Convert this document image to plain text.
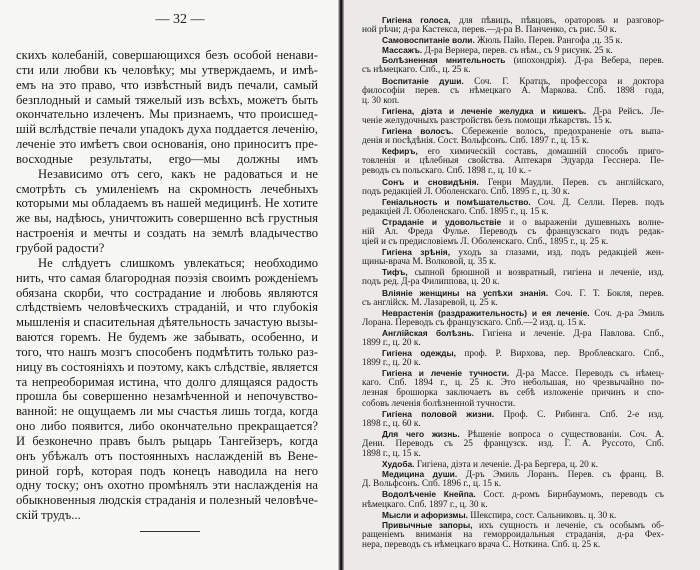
— 32 —
скихъ колебаній, совершающихся безъ особой ненави-
сти или любви къ человѣку; мы утверждаемъ, и имѣ-
емъ на это право, что извѣстный видъ печали, самый
безплодный и самый тяжелый изъ всѣхъ, можетъ быть
окончательно излеченъ. Мы признаемъ, что происшед-
шій вслѣдствіе печали упадокъ духа поддается леченію,
леченіе это имѣетъ свои основанія, оно приноситъ пре-
восходные результаты, ergo—мы должны имъ
Независимо отъ сего, какъ не радоваться и не
смотрѣть съ умиленіемъ на скромность лечебныхъ
которыми мы обладаемъ въ нашей медицинѣ. Не хотите
же вы, надѣюсь, уничтожить совершенно всѣ грустныя
настроенія и мечты и создать на землѣ владычество
грубой радости?
Не слѣдуетъ слишкомъ увлекаться; необходимо
нить, что самая благородная поэзія своимъ рожденіемъ
обязана скорби, что сострадание и любовь являются
слѣдствіемъ человѣческихъ страданій, и что глубокія
мышленія и спасительная дѣятельность зачастую вызы-
ваются горемъ. Не будемъ же забывать, особенно, и
того, что нашъ мозгъ способенъ подмѣтить только раз-
ницу въ состояніяхъ и поэтому, какъ слѣдствіе, является
та непреоборимая истина, что долго длящаяся радость
прошла бы совершенно незамѣченной и непочувство-
ванной: не ощущаемъ ли мы счастья лишь тогда, когда
оно либо появится, либо окончательно прекращается?
И безконечно правъ былъ рыцарь Тангейзеръ, когда
онъ убѣжалъ отъ постоянныхъ наслажденій въ Вене-
риной горѣ, которая подъ конецъ наводила на него
одну тоску; онъ охотно промѣнялъ эти наслажденія на
обыкновенныя людскія страданія и полезный человѣче-
скій трудъ...
Гигіена голоса, для пѣвицъ, пѣвцовъ, ораторовъ и разговор-
ной рѣчи; д-ра Кастекса, перев.—д-ра В. Панченко, съ рис. 50 к.
Самовоспитаніе воли. Жюль Пайо. Перев. Рангофа ,ц. 35 к.
Массажъ. Д-ра Вернера, перев. съ нѣм., съ 9 рисунк. 25 к.
Болѣзненная мнительность (ипохондрія). Д-ра Вебера, перев.
съ нѣмецкаго. Спб., ц. 25 к.
Воспитаніе души. Соч. Г. Кратцъ, профессора и доктора
философіи перев. съ нѣмецкаго А. Маркова. Спб. 1898 года,
ц. 30 коп.
Гигіена, діэта и леченіе желудка и кишекъ. Д-ра Рейсъ. Ле-
ченіе желудочныхъ разстройствъ безъ помощи лѣкарствъ. 15 к.
Гигіена волосъ. Сбереженіе волосъ, предохраненіе отъ выпа-
денія и посѣдѣнія. Сост. Вольфсонъ. Спб. 1897 г., ц. 15 к.
Кефиръ, его химическій составъ, домашній способъ приго-
товленія и цѣлебныя свойства. Аптекаря Эдуарда Гесснера. Пе-
реводъ съ польскаго. Спб. 1898 г., ц. 10 к. -
Сонъ и сновидѣнія. Генри Маудли. Перев. съ англійскаго,
подъ редакціей Л. Оболенскаго. Спб. 1895 г., ц. 30 к.
Геніальность и помѣшательство. Соч. Д. Селли. Перев. подъ
редакціей Л. Оболенскаго. Спб. 1895 г., ц. 15 к.
Страданіе и удовольствіе и о выраженіи душевныхъ волне-
ній Ал. Фреда Фулье. Переводъ съ французскаго подъ редак-
ціей и съ предисловіемъ Л. Оболенскаго. Спб., 1895 г., ц. 25 к.
Гигіена зрѣнія, уходъ за глазами, изд. подъ редакціей жен-
щины-врача М. Волковой, ц. 35 к.
Тифъ, сыпной брюшной и возвратный, гигіена и леченіе, изд.
подъ ред. Д-ра Филиппова, ц. 20 к.
Вліяніе женщины на успѣхи знанія. Соч. Г. Т. Бокля, перев.
съ англійск. М. Лазаревой, ц. 25 к.
Неврастенія (раздражительность) и ея леченіе. Соч. д-ра Эмиль
Лорана. Переводъ съ французскаго. Спб.—2 изд. ц. 15 к.
Англійская болѣзнь. Гигіена и леченіе. Д-ра Павлова. Спб.,
1899 г., ц. 20 к.
Гигіена одежды, проф. Р. Вирхова, пер. Вроблевскаго. Спб.,
1899 г., ц. 20 к.
Гигіена и леченіе тучности. Д-ра Массе. Переводъ съ нѣмец-
каго. Спб. 1894 г., ц. 25 к. Это небольшая, но чрезвычайно по-
лезная брошюрка заключаетъ въ себѣ изложеніе причинъ и спо-
собовъ леченія болѣзненной тучности.
Гигіена половой жизни. Проф. С. Рибинга. Спб. 2-е изд.
1898 г., ц. 60 к.
Для чего жизнь. Рѣшеніе вопроса о существованіи. Соч. А.
Дени. Переводъ съ 25 французск. изд. Г. А. Руссото, Спб.
1898 г., ц. 15 к.
Худоба. Гигіена, діэта и леченіе. Д-ра Бергера, ц. 20 к.
Медицина души. Д-ръ Эмиль Лоранъ. Перев. съ франц. В.
Д. Вольфсонъ. Спб. 1896 г., ц. 15 к.
Водолѣченіе Кнейпа. Сост. д-ромъ Бирнбаумомъ, переводъ съ
нѣмецкаго. Спб. 1897 г., ц. 30 к.
Мысли и афоризмы. Шекспира, сост. Сальниковъ. ц. 30 к.
Привычные запоры, ихъ сущность и леченіе, съ особымъ об-
ращеніемъ вниманія на геморроидальныя страданія, д-ра Фех-
нера, переводъ съ нѣмецкаго врача С. Ноткина. Спб. ц. 25 к.
